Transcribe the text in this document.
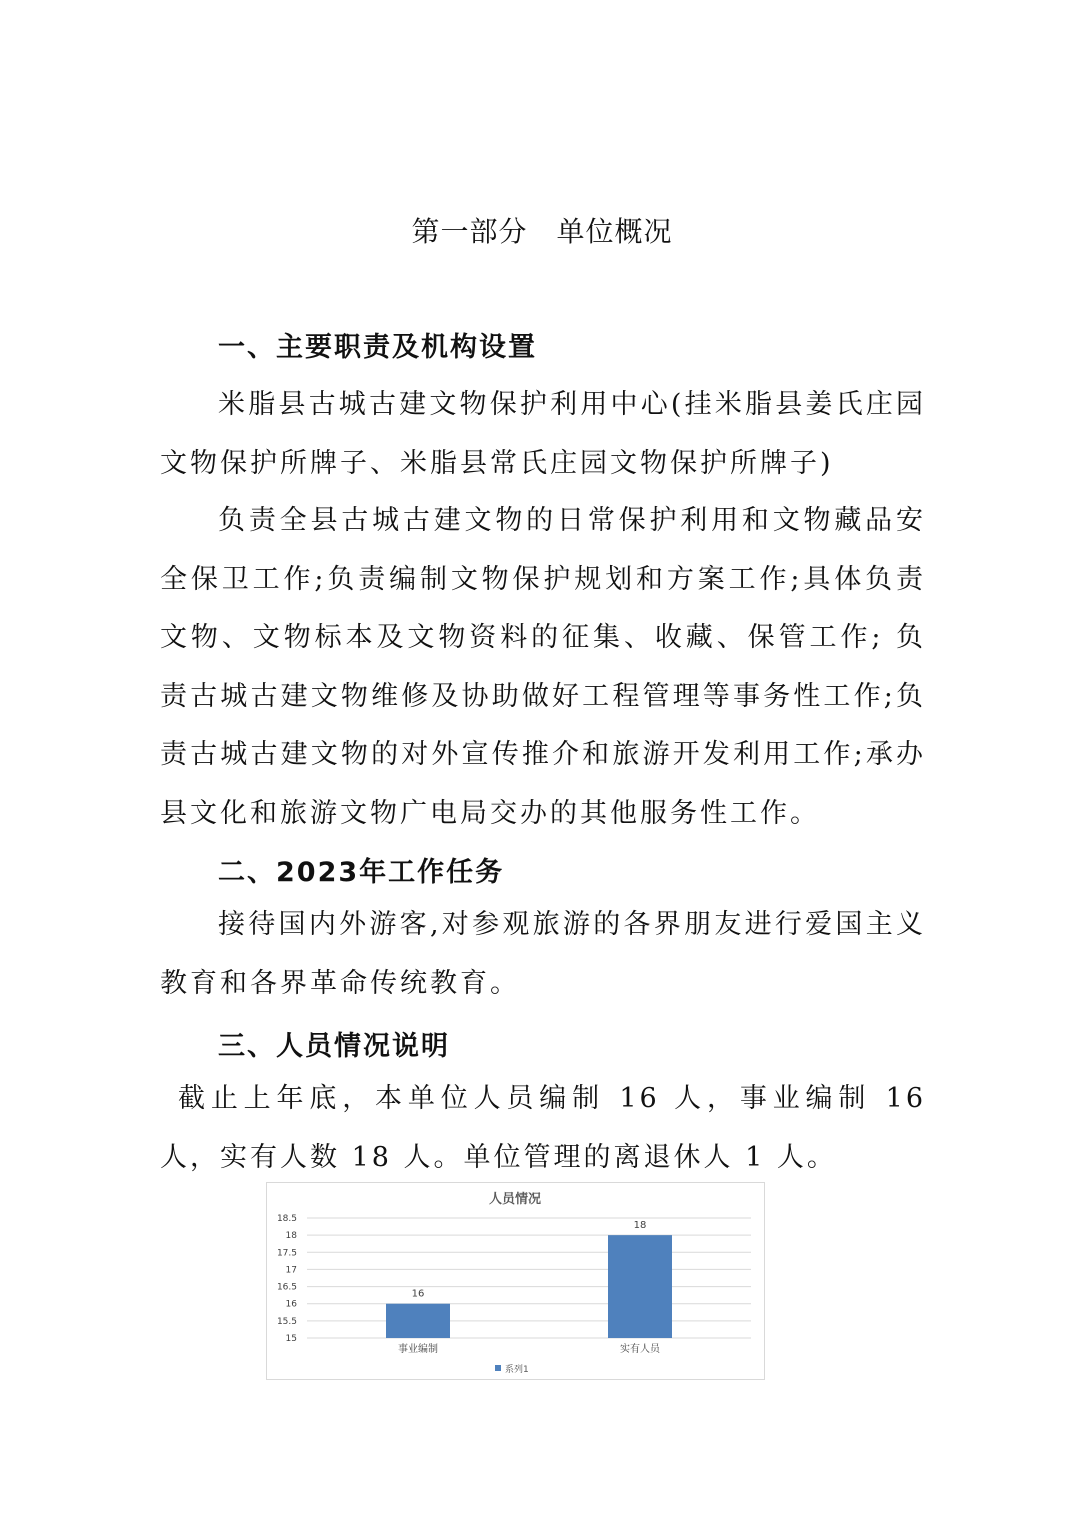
第一部分　单位概况
一、主要职责及机构设置
米脂县古城古建文物保护利用中心(挂米脂县姜氏庄园文物保护所牌子、米脂县常氏庄园文物保护所牌子)
负责全县古城古建文物的日常保护利用和文物藏品安全保卫工作;负责编制文物保护规划和方案工作;具体负责文物、文物标本及文物资料的征集、收藏、保管工作; 负责古城古建文物维修及协助做好工程管理等事务性工作;负责古城古建文物的对外宣传推介和旅游开发利用工作;承办县文化和旅游文物广电局交办的其他服务性工作。
二、2023年工作任务
接待国内外游客,对参观旅游的各界朋友进行爱国主义教育和各界革命传统教育。
三、人员情况说明
截止上年底，本单位人员编制 16 人，事业编制 16 人，实有人数 18 人。单位管理的离退休人 1 人。
人员情况
15
15.5
16
16.5
17
17.5
18
18.5
16
18
事业编制	实有人员
系列1
